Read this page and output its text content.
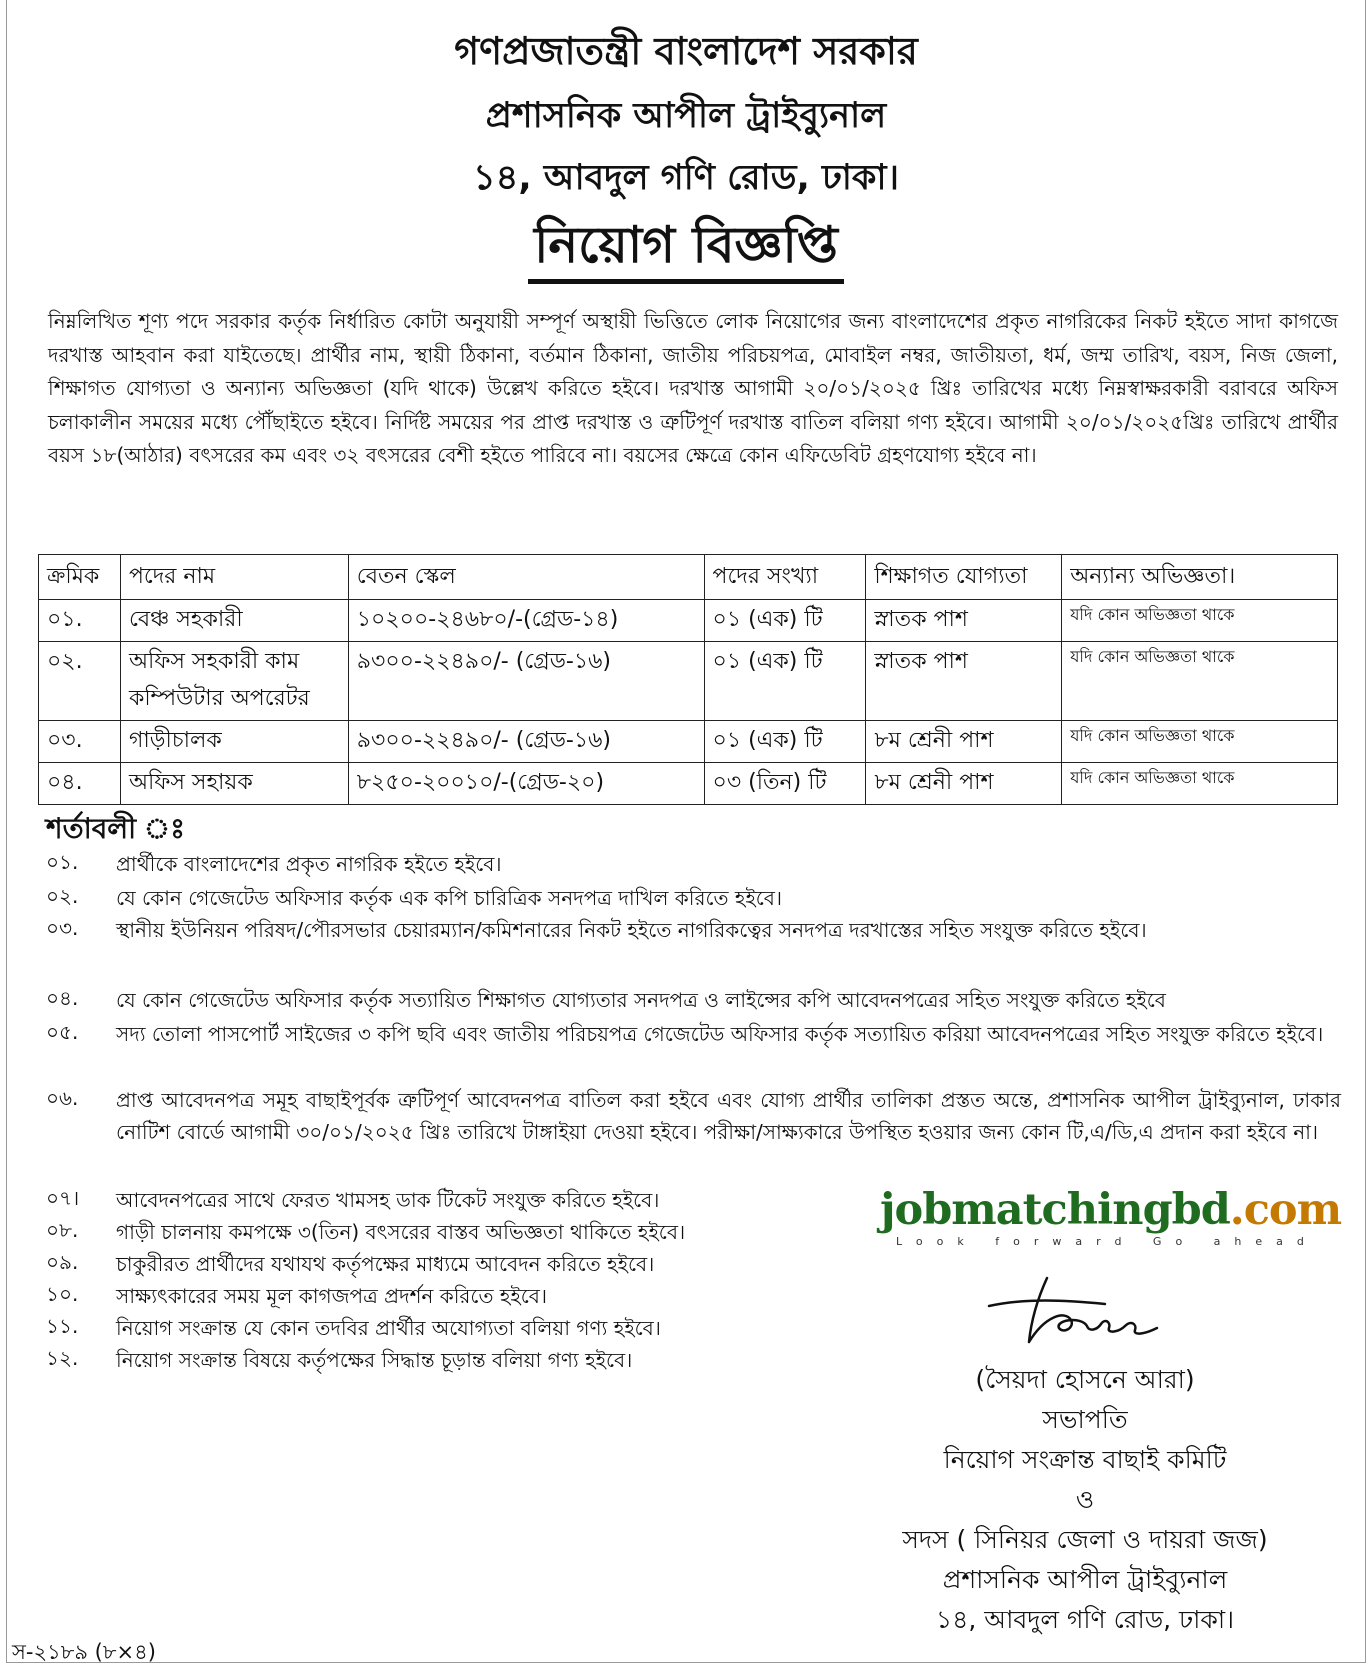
গণপ্রজাতন্ত্রী বাংলাদেশ সরকার
প্রশাসনিক আপীল ট্রাইব্যুনাল
১৪, আবদুল গণি রোড, ঢাকা।
নিয়োগ বিজ্ঞপ্তি
নিম্নলিখিত শূণ্য পদে সরকার কর্তৃক নির্ধারিত কোটা অনুযায়ী সম্পূর্ণ অস্থায়ী ভিত্তিতে লোক নিয়োগের জন্য বাংলাদেশের প্রকৃত নাগরিকের নিকট হইতে সাদা কাগজে দরখাস্ত আহবান করা যাইতেছে। প্রার্থীর নাম, স্থায়ী ঠিকানা, বর্তমান ঠিকানা, জাতীয় পরিচয়পত্র, মোবাইল নম্বর, জাতীয়তা, ধর্ম, জম্ম তারিখ, বয়স, নিজ জেলা, শিক্ষাগত যোগ্যতা ও অন্যান্য অভিজ্ঞতা (যদি থাকে) উল্লেখ করিতে হইবে। দরখাস্ত আগামী ২০/০১/২০২৫ খ্রিঃ তারিখের মধ্যে নিম্নস্বাক্ষরকারী বরাবরে অফিস চলাকালীন সময়ের মধ্যে পৌঁছাইতে হইবে। নির্দিষ্ট সময়ের পর প্রাপ্ত দরখাস্ত ও ত্রুটিপূর্ণ দরখাস্ত বাতিল বলিয়া গণ্য হইবে। আগামী ২০/০১/২০২৫খ্রিঃ তারিখে প্রার্থীর বয়স ১৮(আঠার) বৎসরের কম এবং ৩২ বৎসরের বেশী হইতে পারিবে না। বয়সের ক্ষেত্রে কোন এফিডেবিট গ্রহণযোগ্য হইবে না।
ক্রমিক	পদের নাম	বেতন স্কেল	পদের সংখ্যা	শিক্ষাগত যোগ্যতা	অন্যান্য অভিজ্ঞতা।
০১.	বেঞ্চ সহকারী	১০২০০-২৪৬৮০/-(গ্রেড-১৪)	০১ (এক) টি	স্নাতক পাশ	যদি কোন অভিজ্ঞতা থাকে
০২.	অফিস সহকারী কাম কম্পিউটার অপরেটর	৯৩০০-২২৪৯০/- (গ্রেড-১৬)	০১ (এক) টি	স্নাতক পাশ	যদি কোন অভিজ্ঞতা থাকে
০৩.	গাড়ীচালক	৯৩০০-২২৪৯০/- (গ্রেড-১৬)	০১ (এক) টি	৮ম শ্রেনী পাশ	যদি কোন অভিজ্ঞতা থাকে
০৪.	অফিস সহায়ক	৮২৫০-২০০১০/-(গ্রেড-২০)	০৩ (তিন) টি	৮ম শ্রেনী পাশ	যদি কোন অভিজ্ঞতা থাকে
শর্তাবলী ঃ
০১.	প্রার্থীকে বাংলাদেশের প্রকৃত নাগরিক হইতে হইবে।
০২.	যে কোন গেজেটেড অফিসার কর্তৃক এক কপি চারিত্রিক সনদপত্র দাখিল করিতে হইবে।
০৩.	স্থানীয় ইউনিয়ন পরিষদ/পৌরসভার চেয়ারম্যান/কমিশনারের নিকট হইতে নাগরিকত্বের সনদপত্র দরখাস্তের সহিত সংযুক্ত করিতে হইবে।
০৪.	যে কোন গেজেটেড অফিসার কর্তৃক সত্যায়িত শিক্ষাগত যোগ্যতার সনদপত্র ও লাইন্সের কপি আবেদনপত্রের সহিত সংযুক্ত করিতে হইবে
০৫.	সদ্য তোলা পাসপোর্ট সাইজের ৩ কপি ছবি এবং জাতীয় পরিচয়পত্র গেজেটেড অফিসার কর্তৃক সত্যায়িত করিয়া আবেদনপত্রের সহিত সংযুক্ত করিতে হইবে।
০৬.	প্রাপ্ত আবেদনপত্র সমূহ বাছাইপূর্বক ত্রুটিপূর্ণ আবেদনপত্র বাতিল করা হইবে এবং যোগ্য প্রার্থীর তালিকা প্রস্তত অন্তে, প্রশাসনিক আপীল ট্রাইব্যুনাল, ঢাকার নোটিশ বোর্ডে আগামী ৩০/০১/২০২৫ খ্রিঃ তারিখে টাঙ্গাইয়া দেওয়া হইবে। পরীক্ষা/সাক্ষ্যকারে উপস্থিত হওয়ার জন্য কোন টি,এ/ডি,এ প্রদান করা হইবে না।
০৭।	আবেদনপত্রের সাথে ফেরত খামসহ ডাক টিকেট সংযুক্ত করিতে হইবে।
০৮.	গাড়ী চালনায় কমপক্ষে ৩(তিন) বৎসরের বাস্তব অভিজ্ঞতা থাকিতে হইবে।
০৯.	চাকুরীরত প্রার্থীদের যথাযথ কর্তৃপক্ষের মাধ্যমে আবেদন করিতে হইবে।
১০.	সাক্ষ্যৎকারের সময় মূল কাগজপত্র প্রদর্শন করিতে হইবে।
১১.	নিয়োগ সংক্রান্ত যে কোন তদবির প্রার্থীর অযোগ্যতা বলিয়া গণ্য হইবে।
১২.	নিয়োগ সংক্রান্ত বিষয়ে কর্তৃপক্ষের সিদ্ধান্ত চূড়ান্ত বলিয়া গণ্য হইবে।
jobmatchingbd.com
Look forward Go ahead
(সৈয়দা হোসনে আরা)
সভাপতি
নিয়োগ সংক্রান্ত বাছাই কমিটি
ও
সদস ( সিনিয়র জেলা ও দায়রা জজ)
প্রশাসনিক আপীল ট্রাইব্যুনাল
১৪, আবদুল গণি রোড, ঢাকা।
স-২১৮৯ (৮×৪)
